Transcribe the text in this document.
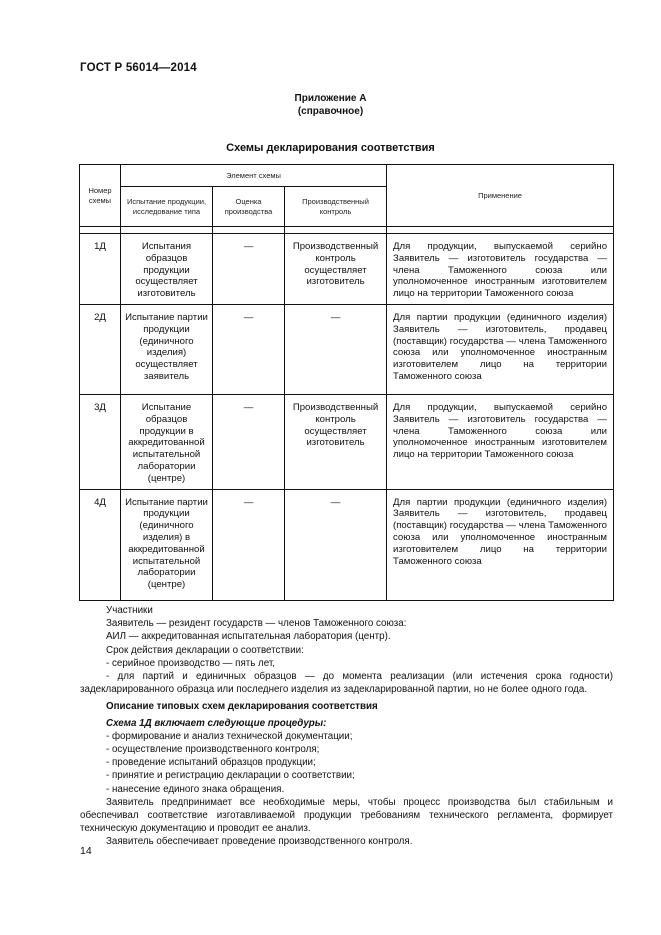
ГОСТ Р 56014—2014
Приложение А
(справочное)
Схемы декларирования соответствия
Номер схемы	Элемент схемы			Применение
	Испытание продукции, исследование типа	Оценка производства	Производственный контроль	

1Д	Испытания образцов продукции осуществляет изготовитель	—	Производственный контроль осуществляет изготовитель	Для продукции, выпускаемой серийно Заявитель — изготовитель государства — члена Таможенного союза или уполномоченное иностранным изготовителем лицо на территории Таможенного союза
2Д	Испытание партии продукции (единичного изделия) осуществляет заявитель	—	—	Для партии продукции (единичного изделия) Заявитель — изготовитель, продавец (поставщик) государства — члена Таможенного союза или уполномоченное иностранным изготовителем лицо на территории Таможенного союза
3Д	Испытание образцов продукции в аккредитованной испытательной лаборатории (центре)	—	Производственный контроль осуществляет изготовитель	Для продукции, выпускаемой серийно Заявитель — изготовитель государства — члена Таможенного союза или уполномоченное иностранным изготовителем лицо на территории Таможенного союза
4Д	Испытание партии продукции (единичного изделия) в аккредитованной испытательной лаборатории (центре)	—	—	Для партии продукции (единичного изделия) Заявитель — изготовитель, продавец (поставщик) государства — члена Таможенного союза или уполномоченное иностранным изготовителем лицо на территории Таможенного союза

Участники

Заявитель — резидент государств — членов Таможенного союза:

АИЛ — аккредитованная испытательная лаборатория (центр).

Срок действия декларации о соответствии:

- серийное производство — пять лет,

- для партий и единичных образцов — до момента реализации (или истечения срока годности) задекларированного образца или последнего изделия из задекларированной партии, но не более одного года.

Описание типовых схем декларирования соответствия

Схема 1Д включает следующие процедуры:

- формирование и анализ технической документации;

- осуществление производственного контроля;

- проведение испытаний образцов продукции;

- принятие и регистрацию декларации о соответствии;

- нанесение единого знака обращения.

Заявитель предпринимает все необходимые меры, чтобы процесс производства был стабильным и обеспечивал соответствие изготавливаемой продукции требованиям технического регламента, формирует техническую документацию и проводит ее анализ.

Заявитель обеспечивает проведение производственного контроля.

14
